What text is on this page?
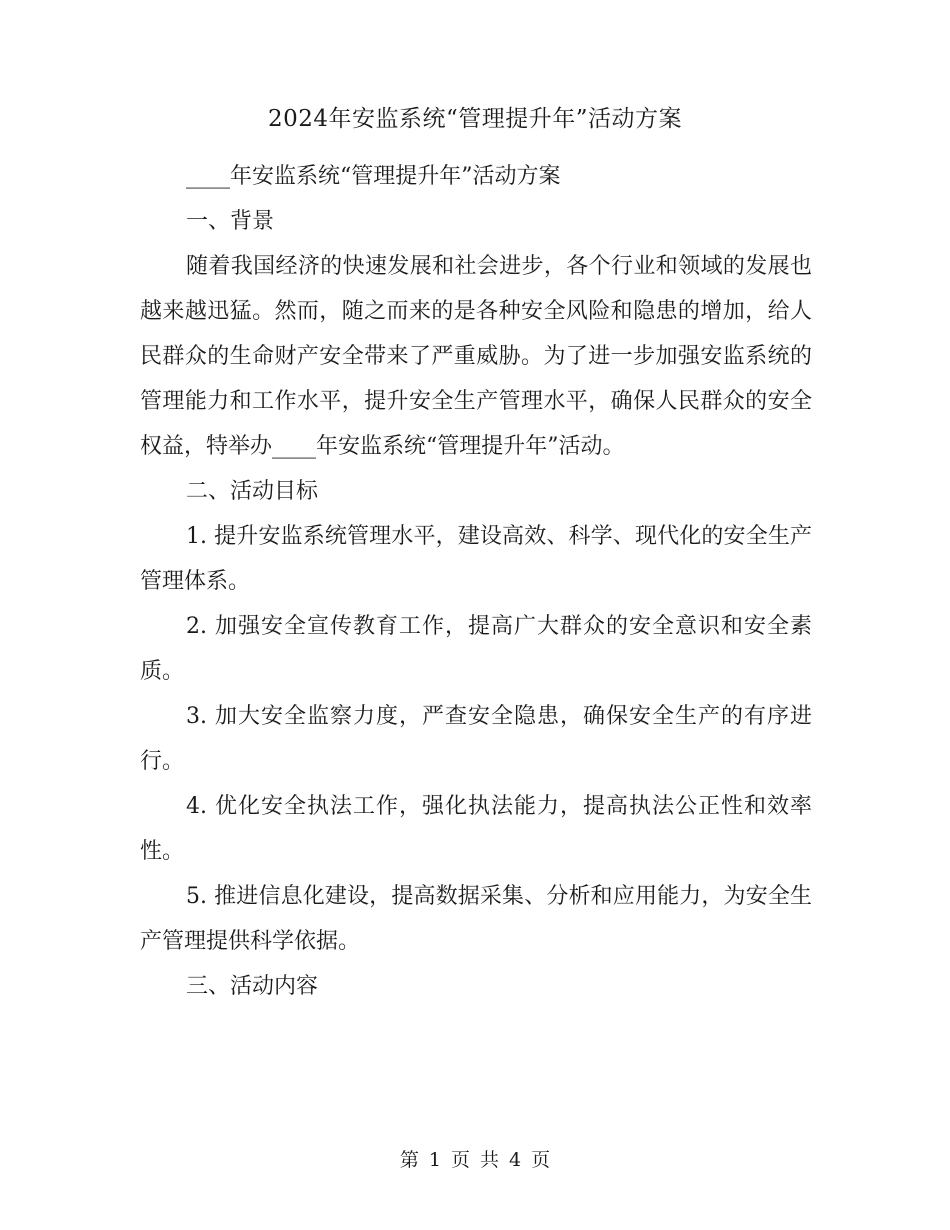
2024年安监系统“管理提升年”活动方案

____年安监系统“管理提升年”活动方案

一、背景

随着我国经济的快速发展和社会进步，各个行业和领域的发展也越来越迅猛。然而，随之而来的是各种安全风险和隐患的增加，给人民群众的生命财产安全带来了严重威胁。为了进一步加强安监系统的管理能力和工作水平，提升安全生产管理水平，确保人民群众的安全权益，特举办____年安监系统“管理提升年”活动。

二、活动目标

1. 提升安监系统管理水平，建设高效、科学、现代化的安全生产管理体系。

2. 加强安全宣传教育工作，提高广大群众的安全意识和安全素质。

3. 加大安全监察力度，严查安全隐患，确保安全生产的有序进行。

4. 优化安全执法工作，强化执法能力，提高执法公正性和效率性。

5. 推进信息化建设，提高数据采集、分析和应用能力，为安全生产管理提供科学依据。

三、活动内容

第 1 页 共 4 页
